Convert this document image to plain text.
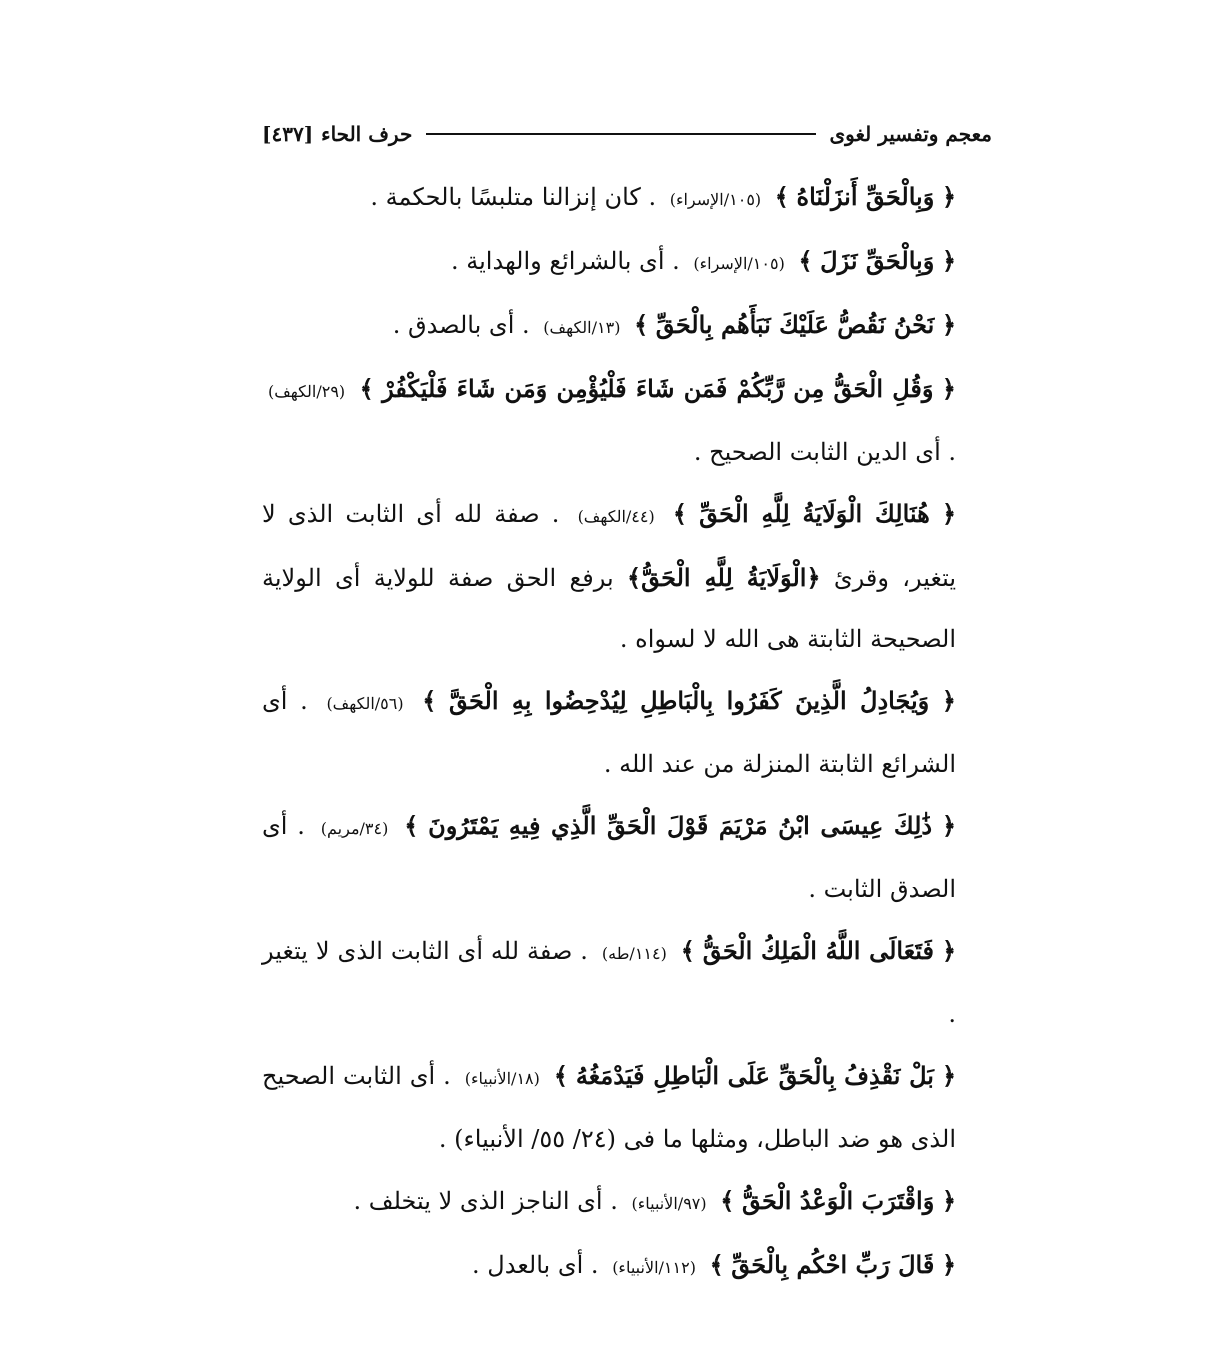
معجم وتفسير لغوى
حرف الحاء
[٤٣٧]
﴿ وَبِالْحَقِّ أَنزَلْنَاهُ ﴾ (١٠٥/الإسراء) . كان إنزالنا متلبسًا بالحكمة .
﴿ وَبِالْحَقِّ نَزَلَ ﴾ (١٠٥/الإسراء) . أى بالشرائع والهداية .
﴿ نَحْنُ نَقُصُّ عَلَيْكَ نَبَأَهُم بِالْحَقِّ ﴾ (١٣/الكهف) . أى بالصدق .
﴿ وَقُلِ الْحَقُّ مِن رَّبِّكُمْ فَمَن شَاءَ فَلْيُؤْمِن وَمَن شَاءَ فَلْيَكْفُرْ ﴾ (٢٩/الكهف) . أى الدين الثابت الصحيح .
﴿ هُنَالِكَ الْوَلَايَةُ لِلَّهِ الْحَقِّ ﴾ (٤٤/الكهف) . صفة لله أى الثابت الذى لا يتغير، وقرئ ﴿الْوَلَايَةُ لِلَّهِ الْحَقُّ﴾ برفع الحق صفة للولاية أى الولاية الصحيحة الثابتة هى الله لا لسواه .
﴿ وَيُجَادِلُ الَّذِينَ كَفَرُوا بِالْبَاطِلِ لِيُدْحِضُوا بِهِ الْحَقَّ ﴾ (٥٦/الكهف) . أى الشرائع الثابتة المنزلة من عند الله .
﴿ ذَٰلِكَ عِيسَى ابْنُ مَرْيَمَ قَوْلَ الْحَقِّ الَّذِي فِيهِ يَمْتَرُونَ ﴾ (٣٤/مريم) . أى الصدق الثابت .
﴿ فَتَعَالَى اللَّهُ الْمَلِكُ الْحَقُّ ﴾ (١١٤/طه) . صفة لله أى الثابت الذى لا يتغير .
﴿ بَلْ نَقْذِفُ بِالْحَقِّ عَلَى الْبَاطِلِ فَيَدْمَغُهُ ﴾ (١٨/الأنبياء) . أى الثابت الصحيح الذى هو ضد الباطل، ومثلها ما فى (٢٤/ ٥٥/ الأنبياء) .
﴿ وَاقْتَرَبَ الْوَعْدُ الْحَقُّ ﴾ (٩٧/الأنبياء) . أى الناجز الذى لا يتخلف .
﴿ قَالَ رَبِّ احْكُم بِالْحَقِّ ﴾ (١١٢/الأنبياء) . أى بالعدل .
